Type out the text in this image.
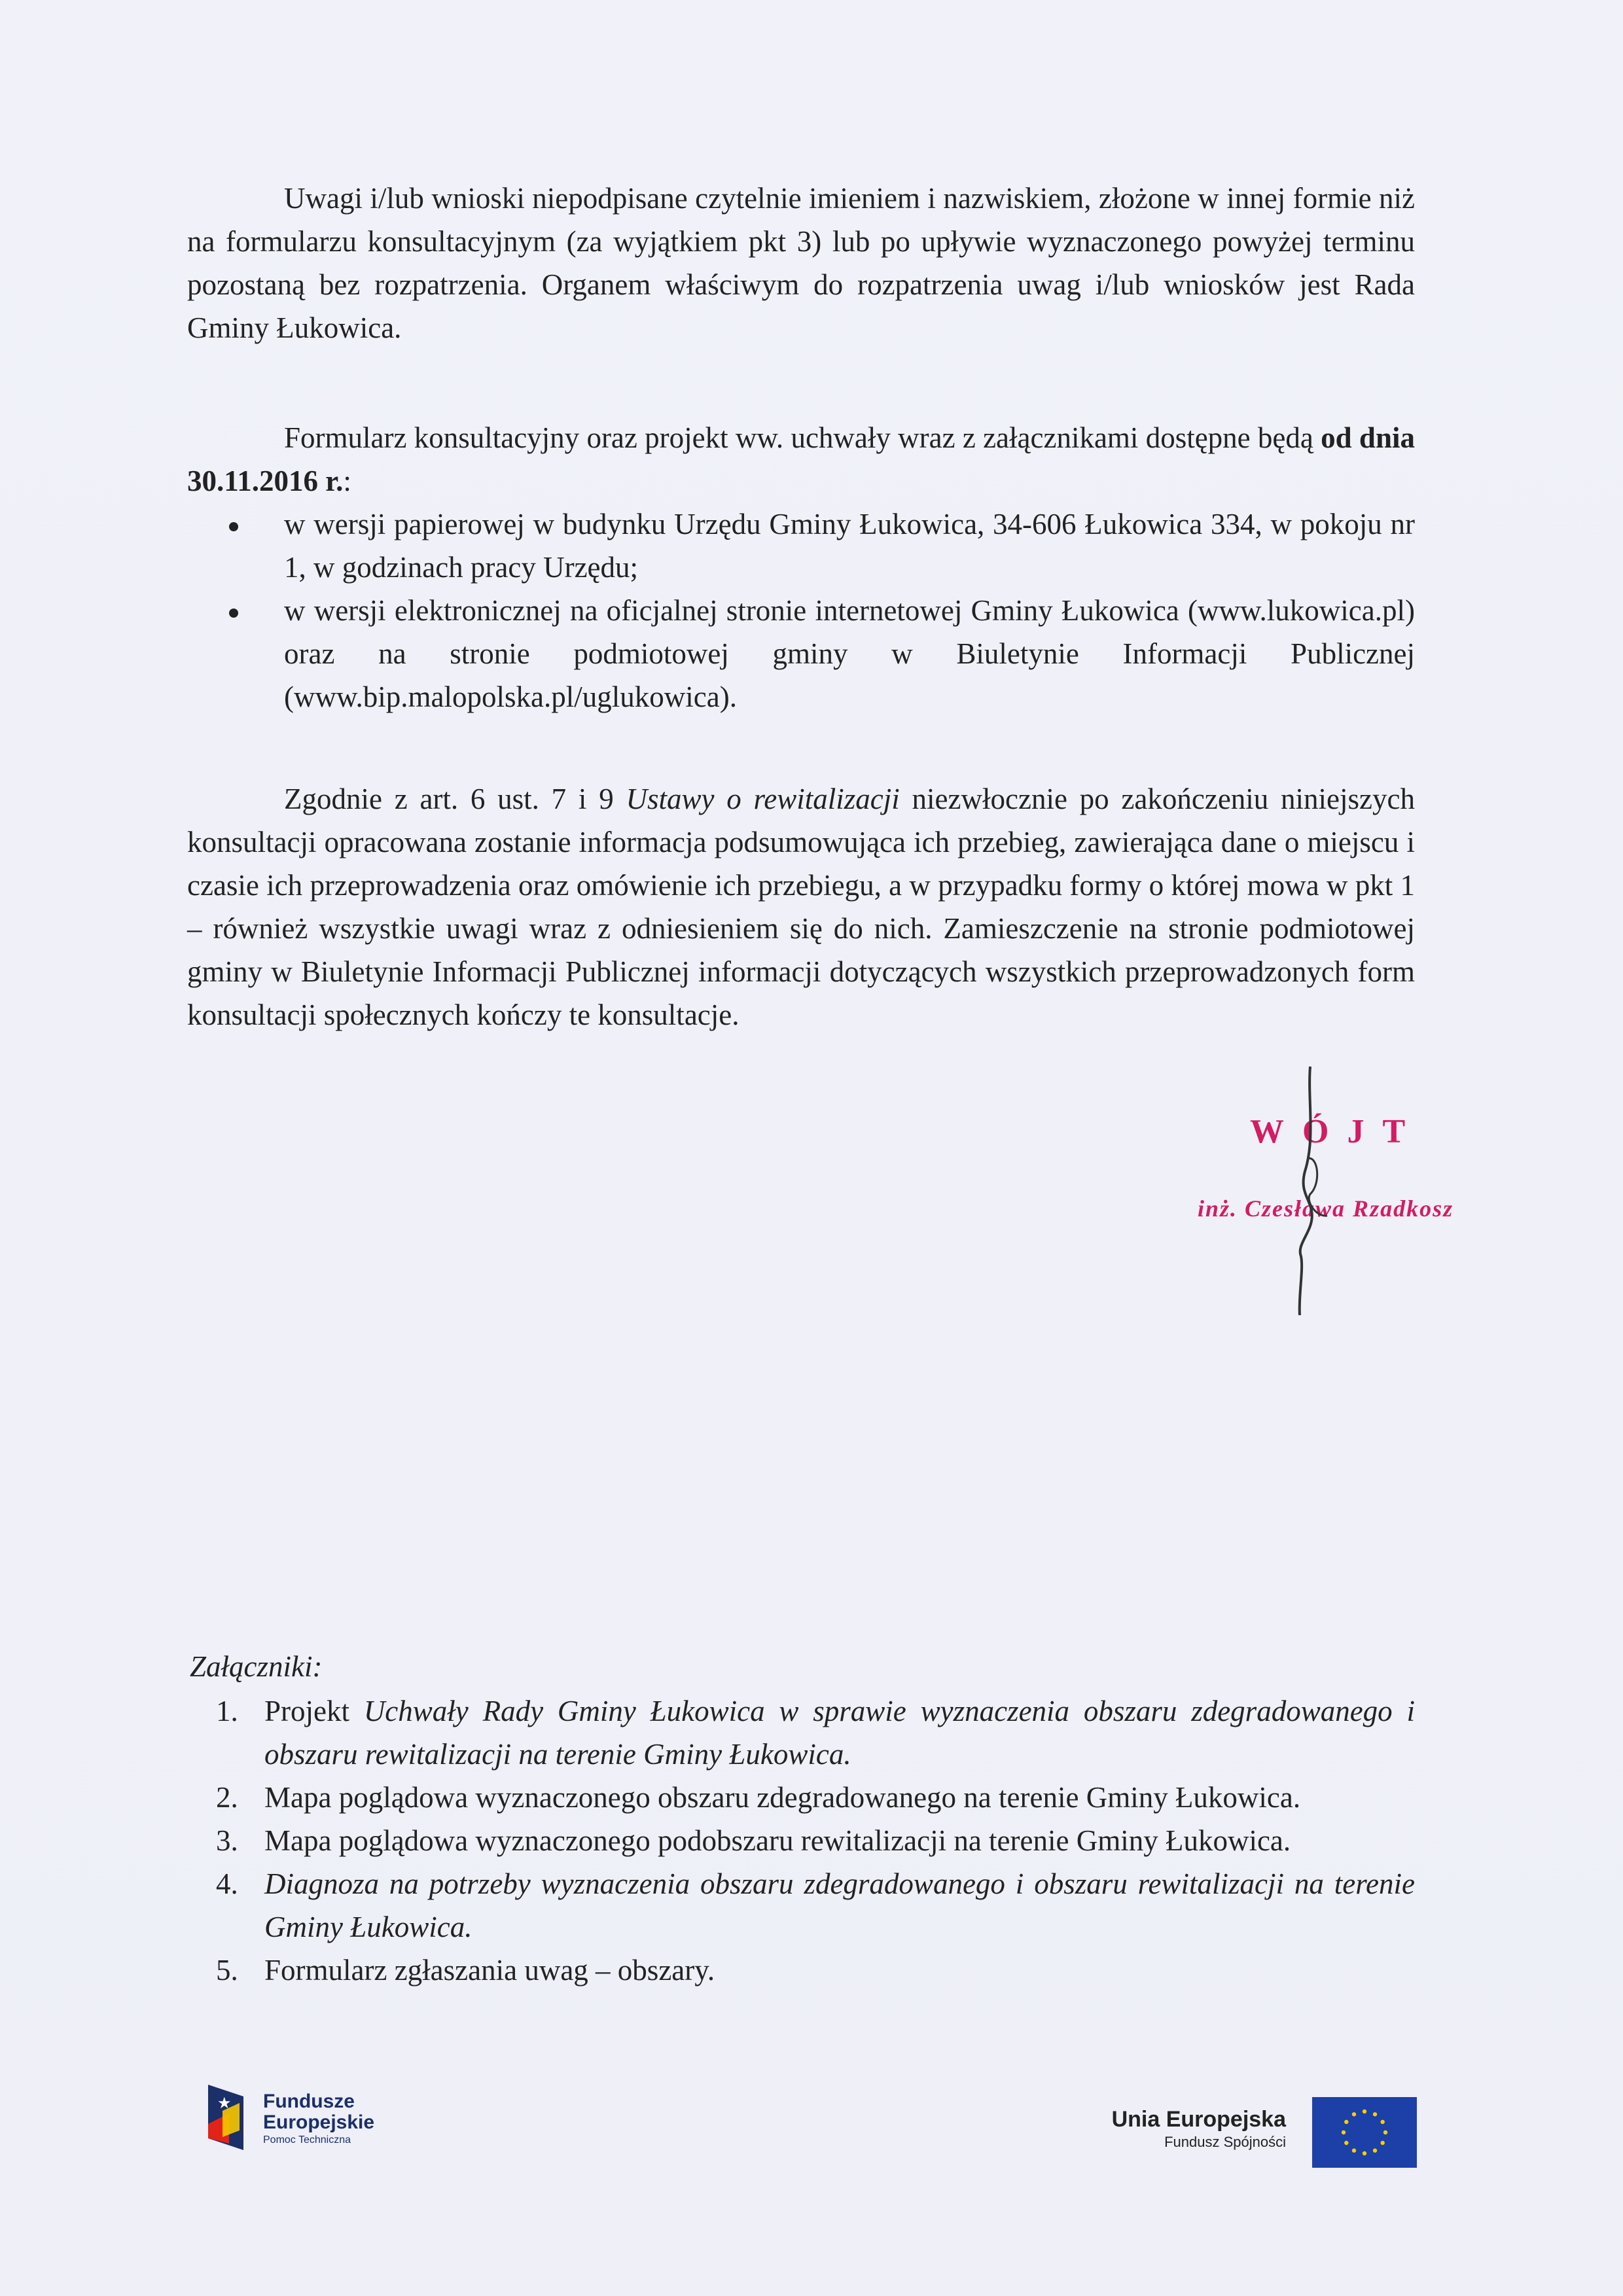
Uwagi i/lub wnioski niepodpisane czytelnie imieniem i nazwiskiem, złożone w innej formie niż na formularzu konsultacyjnym (za wyjątkiem pkt 3) lub po upływie wyznaczonego powyżej terminu pozostaną bez rozpatrzenia. Organem właściwym do rozpatrzenia uwag i/lub wniosków jest Rada Gminy Łukowica.

Formularz konsultacyjny oraz projekt ww. uchwały wraz z załącznikami dostępne będą od dnia 30.11.2016 r.:

w wersji papierowej w budynku Urzędu Gminy Łukowica, 34-606 Łukowica 334, w pokoju nr 1, w godzinach pracy Urzędu;
w wersji elektronicznej na oficjalnej stronie internetowej Gminy Łukowica (www.lukowica.pl) oraz na stronie podmiotowej gminy w Biuletynie Informacji Publicznej (www.bip.malopolska.pl/uglukowica).

Zgodnie z art. 6 ust. 7 i 9 Ustawy o rewitalizacji niezwłocznie po zakończeniu niniejszych konsultacji opracowana zostanie informacja podsumowująca ich przebieg, zawierająca dane o miejscu i czasie ich przeprowadzenia oraz omówienie ich przebiegu, a w przypadku formy o której mowa w pkt 1 – również wszystkie uwagi wraz z odniesieniem się do nich. Zamieszczenie na stronie podmiotowej gminy w Biuletynie Informacji Publicznej informacji dotyczących wszystkich przeprowadzonych form konsultacji społecznych kończy te konsultacje.

WÓJT
inż. Czesława Rzadkosz
Załączniki:
1. Projekt Uchwały Rady Gminy Łukowica w sprawie wyznaczenia obszaru zdegradowanego i obszaru rewitalizacji na terenie Gminy Łukowica.
2. Mapa poglądowa wyznaczonego obszaru zdegradowanego na terenie Gminy Łukowica.
3. Mapa poglądowa wyznaczonego podobszaru rewitalizacji na terenie Gminy Łukowica.
4. Diagnoza na potrzeby wyznaczenia obszaru zdegradowanego i obszaru rewitalizacji na terenie Gminy Łukowica.
5. Formularz zgłaszania uwag – obszary.
★ Fundusze
Europejskie
Pomoc Techniczna
Unia Europejska
Fundusz Spójności
